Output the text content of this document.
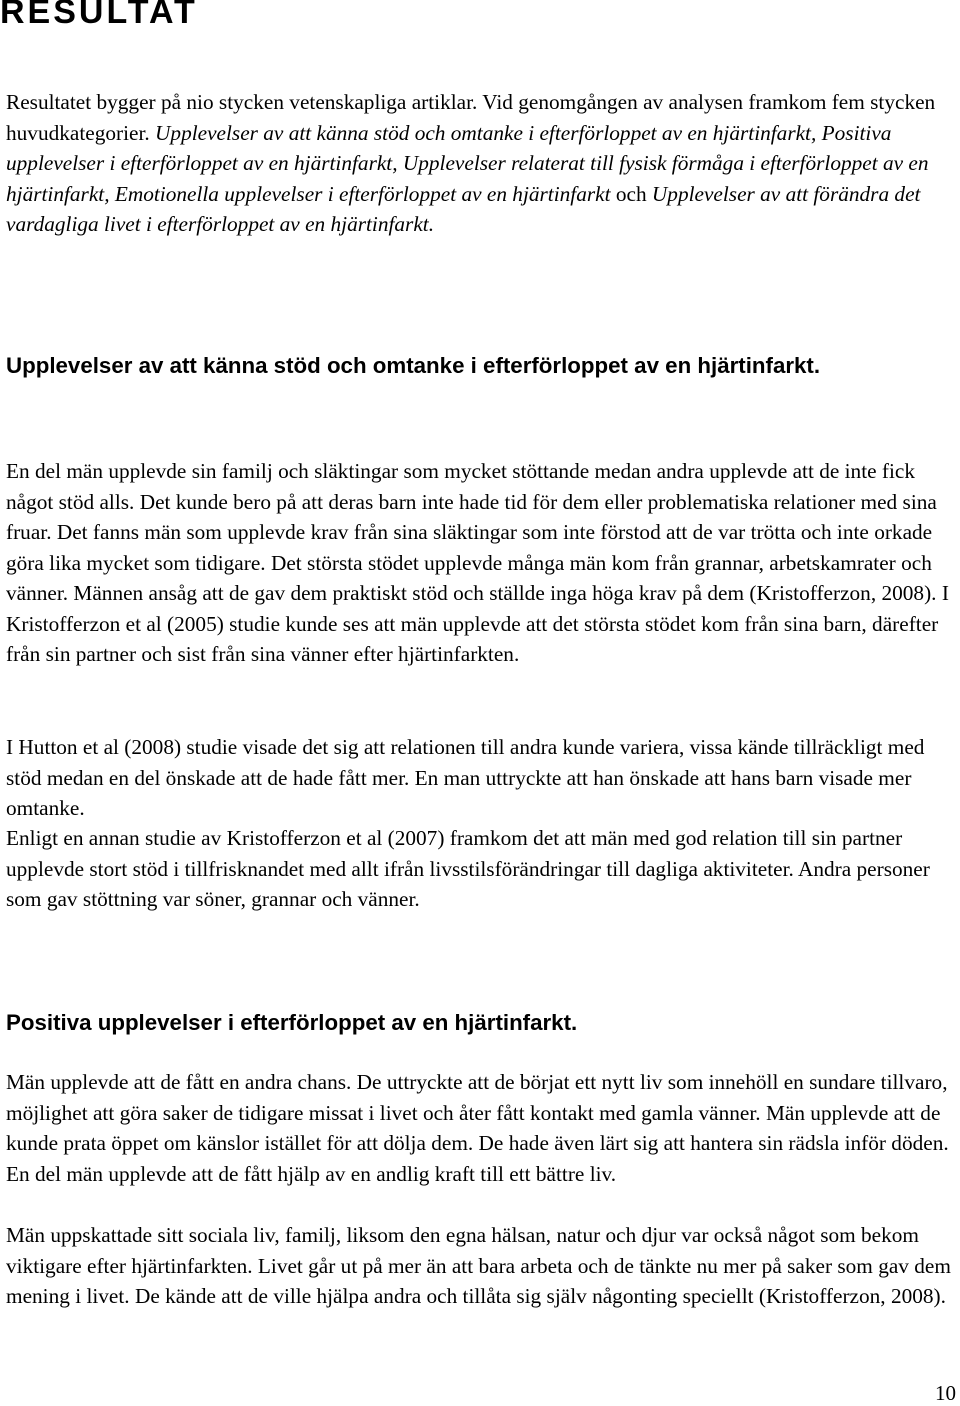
RESULTAT

Resultatet bygger på nio stycken vetenskapliga artiklar. Vid genomgången av analysen framkom fem stycken huvudkategorier. Upplevelser av att känna stöd och omtanke i efterförloppet av en hjärtinfarkt, Positiva upplevelser i efterförloppet av en hjärtinfarkt, Upplevelser relaterat till fysisk förmåga i efterförloppet av en hjärtinfarkt, Emotionella upplevelser i efterförloppet av en hjärtinfarkt och Upplevelser av att förändra det vardagliga livet i efterförloppet av en hjärtinfarkt.

Upplevelser av att känna stöd och omtanke i efterförloppet av en hjärtinfarkt.

En del män upplevde sin familj och släktingar som mycket stöttande medan andra upplevde att de inte fick något stöd alls. Det kunde bero på att deras barn inte hade tid för dem eller problematiska relationer med sina fruar. Det fanns män som upplevde krav från sina släktingar som inte förstod att de var trötta och inte orkade göra lika mycket som tidigare. Det största stödet upplevde många män kom från grannar, arbetskamrater och vänner. Männen ansåg att de gav dem praktiskt stöd och ställde inga höga krav på dem (Kristofferzon, 2008). I Kristofferzon et al (2005) studie kunde ses att män upplevde att det största stödet kom från sina barn, därefter från sin partner och sist från sina vänner efter hjärtinfarkten.

I Hutton et al (2008) studie visade det sig att relationen till andra kunde variera, vissa kände tillräckligt med stöd medan en del önskade att de hade fått mer. En man uttryckte att han önskade att hans barn visade mer omtanke.

Enligt en annan studie av Kristofferzon et al (2007) framkom det att män med god relation till sin partner upplevde stort stöd i tillfrisknandet med allt ifrån livsstilsförändringar till dagliga aktiviteter. Andra personer som gav stöttning var söner, grannar och vänner.

Positiva upplevelser i efterförloppet av en hjärtinfarkt.

Män upplevde att de fått en andra chans. De uttryckte att de börjat ett nytt liv som innehöll en sundare tillvaro, möjlighet att göra saker de tidigare missat i livet och åter fått kontakt med gamla vänner. Män upplevde att de kunde prata öppet om känslor istället för att dölja dem. De hade även lärt sig att hantera sin rädsla inför döden. En del män upplevde att de fått hjälp av en andlig kraft till ett bättre liv.

Män uppskattade sitt sociala liv, familj, liksom den egna hälsan, natur och djur var också något som bekom viktigare efter hjärtinfarkten. Livet går ut på mer än att bara arbeta och de tänkte nu mer på saker som gav dem mening i livet. De kände att de ville hjälpa andra och tillåta sig själv någonting speciellt (Kristofferzon, 2008).

10
